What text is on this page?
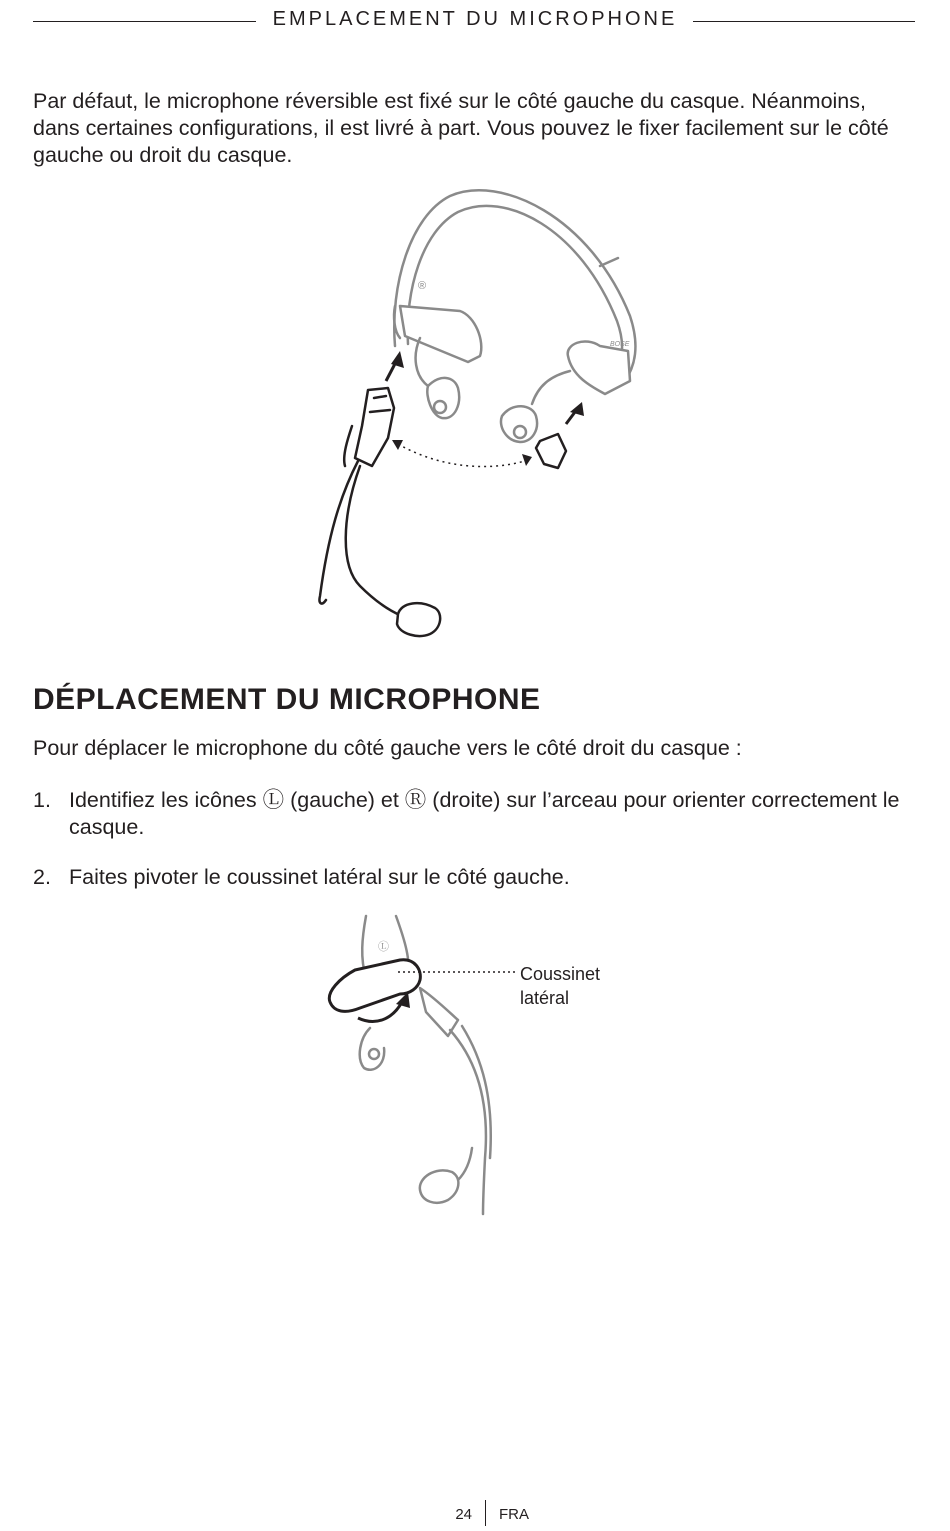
EMPLACEMENT DU MICROPHONE

Par défaut, le microphone réversible est fixé sur le côté gauche du casque. Néanmoins, dans certaines configurations, il est livré à part. Vous pouvez le fixer facilement sur le côté gauche ou droit du casque.

®
BOSE
DÉPLACEMENT DU MICROPHONE

Pour déplacer le microphone du côté gauche vers le côté droit du casque :

1. Identifiez les icônes Ⓛ (gauche) et Ⓡ (droite) sur l’arceau pour orienter correctement le casque.
2. Faites pivoter le coussinet latéral sur le côté gauche.
Ⓛ
Coussinet
latéral
24 FRA
